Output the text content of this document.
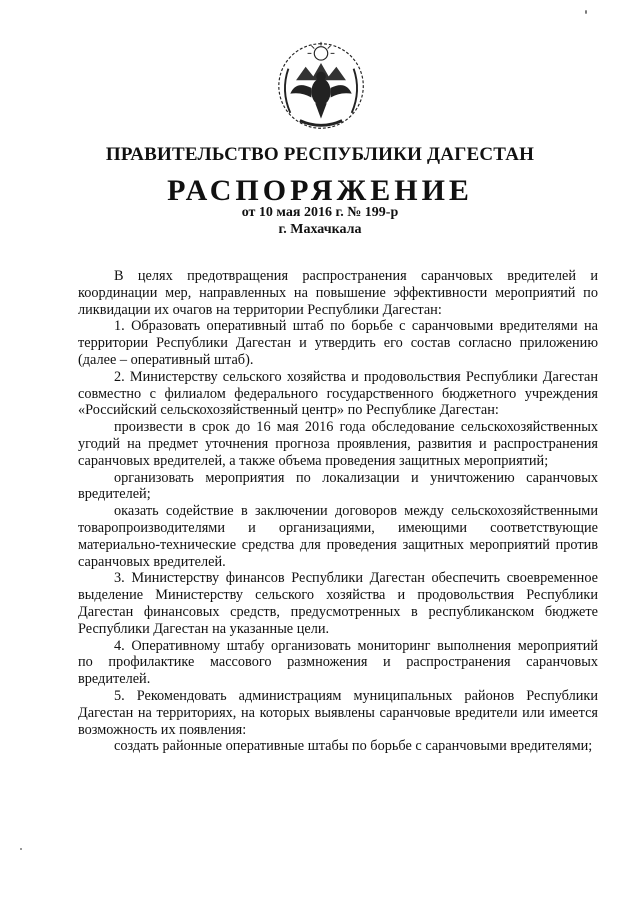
ПРАВИТЕЛЬСТВО РЕСПУБЛИКИ ДАГЕСТАН
РАСПОРЯЖЕНИЕ
от 10 мая 2016 г. № 199-р
г. Махачкала

В целях предотвращения распространения саранчовых вредителей и координации мер, направленных на повышение эффективности мероприятий по ликвидации их очагов на территории Республики Дагестан:

1. Образовать оперативный штаб по борьбе с саранчовыми вредителями на территории Республики Дагестан и утвердить его состав согласно приложению (далее – оперативный штаб).

2. Министерству сельского хозяйства и продовольствия Республики Дагестан совместно с филиалом федерального государственного бюджетного учреждения «Российский сельскохозяйственный центр» по Республике Дагестан:

произвести в срок до 16 мая 2016 года обследование сельскохозяйственных угодий на предмет уточнения прогноза проявления, развития и распространения саранчовых вредителей, а также объема проведения защитных мероприятий;

организовать мероприятия по локализации и уничтожению саранчовых вредителей;

оказать содействие в заключении договоров между сельскохозяйственными товаропроизводителями и организациями, имеющими соответствующие материально-технические средства для проведения защитных мероприятий против саранчовых вредителей.

3. Министерству финансов Республики Дагестан обеспечить своевременное выделение Министерству сельского хозяйства и продовольствия Республики Дагестан финансовых средств, предусмотренных в республиканском бюджете Республики Дагестан на указанные цели.

4. Оперативному штабу организовать мониторинг выполнения мероприятий по профилактике массового размножения и распространения саранчовых вредителей.

5. Рекомендовать администрациям муниципальных районов Республики Дагестан на территориях, на которых выявлены саранчовые вредители или имеется возможность их появления:

создать районные оперативные штабы по борьбе с саранчовыми вредителями;
